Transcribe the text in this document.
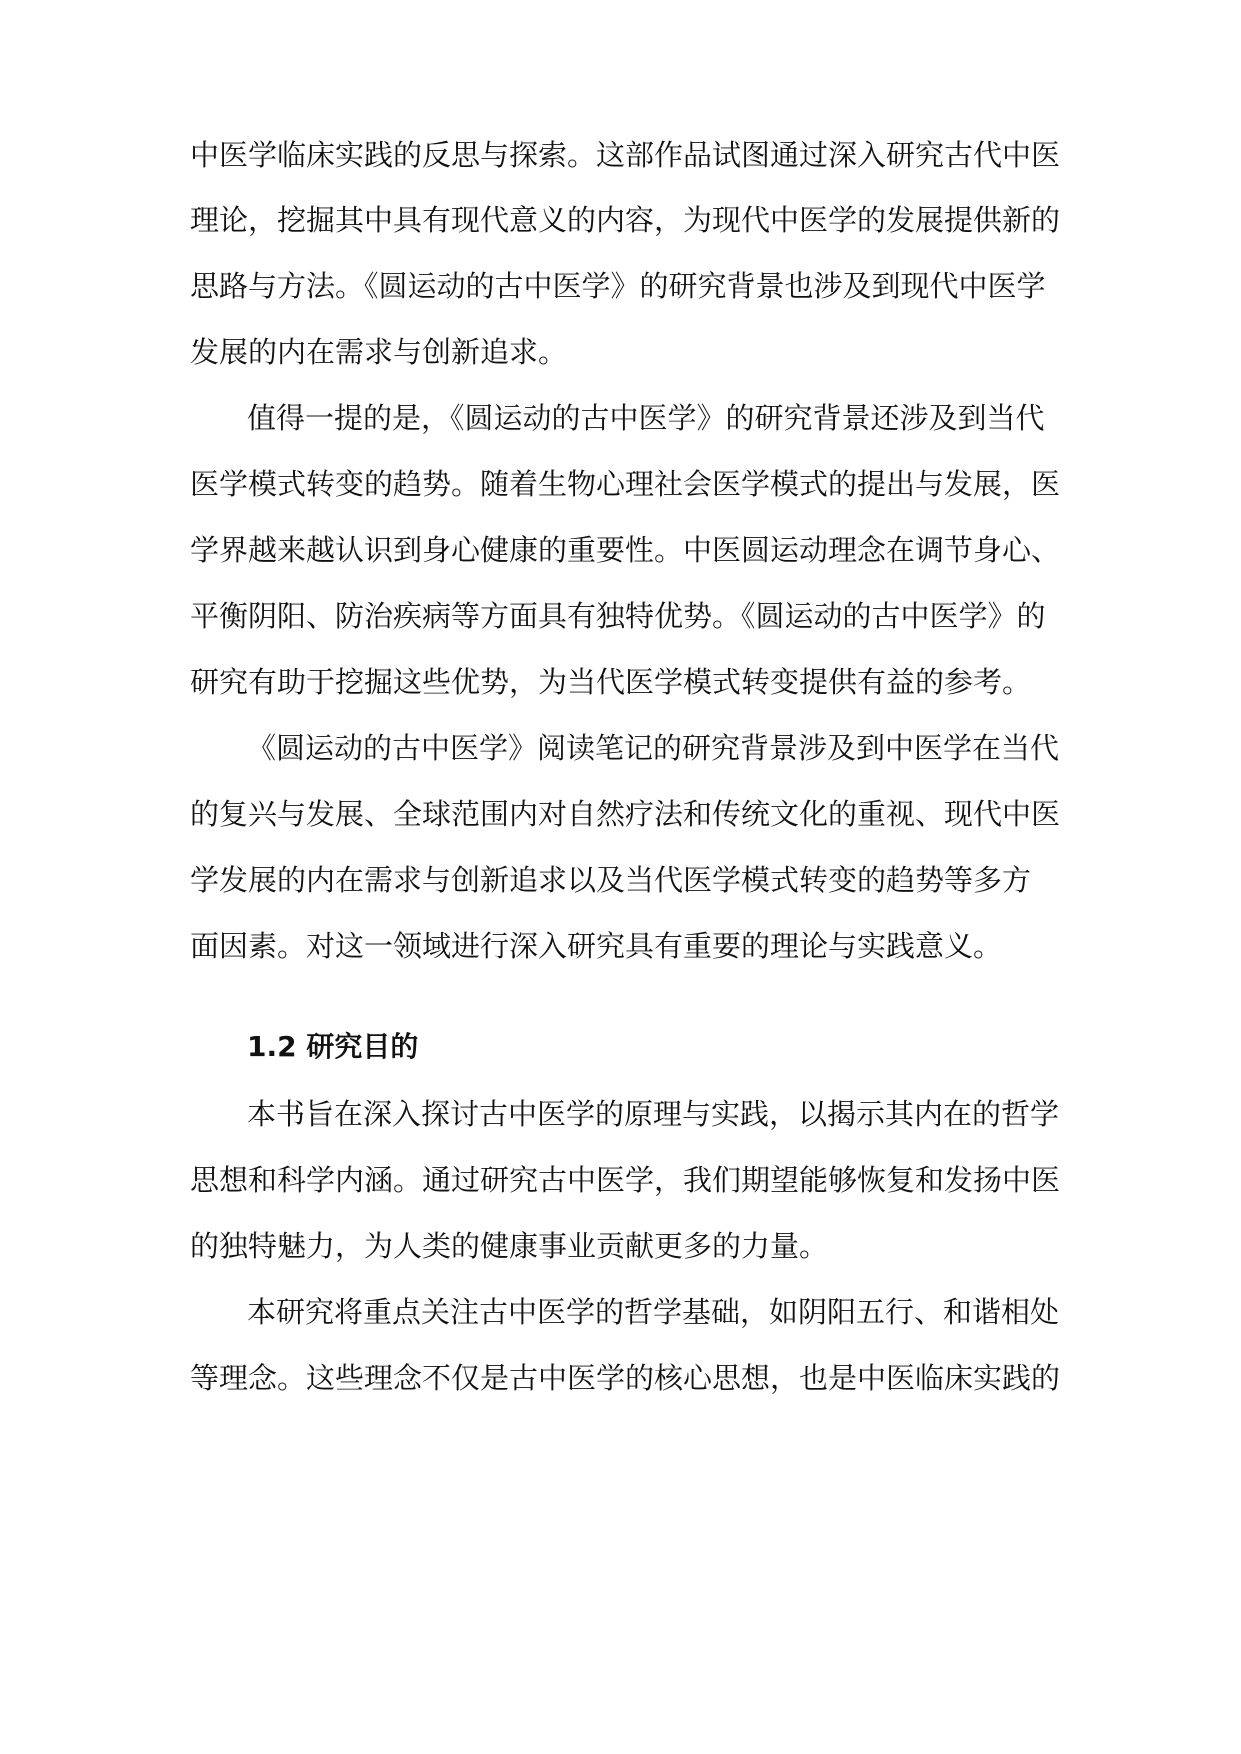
中医学临床实践的反思与探索。这部作品试图通过深入研究古代中医
理论，挖掘其中具有现代意义的内容，为现代中医学的发展提供新的
思路与方法。《圆运动的古中医学》的研究背景也涉及到现代中医学
发展的内在需求与创新追求。
值得一提的是，《圆运动的古中医学》的研究背景还涉及到当代
医学模式转变的趋势。随着生物心理社会医学模式的提出与发展，医
学界越来越认识到身心健康的重要性。中医圆运动理念在调节身心、
平衡阴阳、防治疾病等方面具有独特优势。《圆运动的古中医学》的
研究有助于挖掘这些优势，为当代医学模式转变提供有益的参考。
《圆运动的古中医学》阅读笔记的研究背景涉及到中医学在当代
的复兴与发展、全球范围内对自然疗法和传统文化的重视、现代中医
学发展的内在需求与创新追求以及当代医学模式转变的趋势等多方
面因素。对这一领域进行深入研究具有重要的理论与实践意义。
1.2 研究目的
本书旨在深入探讨古中医学的原理与实践，以揭示其内在的哲学
思想和科学内涵。通过研究古中医学，我们期望能够恢复和发扬中医
的独特魅力，为人类的健康事业贡献更多的力量。
本研究将重点关注古中医学的哲学基础，如阴阳五行、和谐相处
等理念。这些理念不仅是古中医学的核心思想，也是中医临床实践的
